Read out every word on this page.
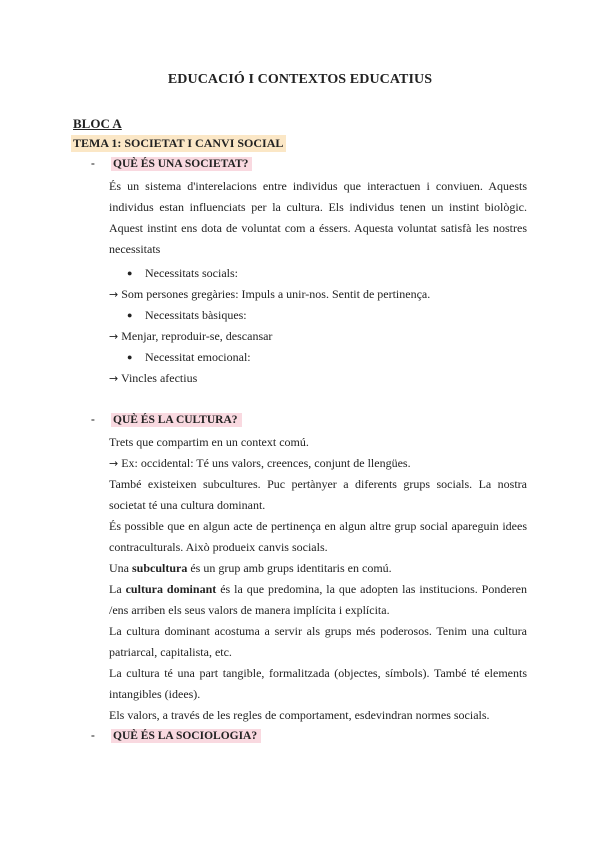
EDUCACIÓ I CONTEXTOS EDUCATIUS
BLOC A
TEMA 1: SOCIETAT I CANVI SOCIAL
- QUÈ ÉS UNA SOCIETAT?
És un sistema d'interelacions entre individus que interactuen i conviuen. Aquests individus estan influenciats per la cultura. Els individus tenen un instint biològic. Aquest instint ens dota de voluntat com a éssers. Aquesta voluntat satisfà les nostres necessitats
● Necessitats socials:
→ Som persones gregàries: Impuls a unir-nos. Sentit de pertinença.
● Necessitats bàsiques:
→ Menjar, reproduir-se, descansar
● Necessitat emocional:
→ Vincles afectius
- QUÈ ÉS LA CULTURA?
Trets que compartim en un context comú.
→ Ex: occidental: Té uns valors, creences, conjunt de llengües.
També existeixen subcultures. Puc pertànyer a diferents grups socials. La nostra societat té una cultura dominant.
És possible que en algun acte de pertinença en algun altre grup social apareguin idees contraculturals. Això produeix canvis socials.
Una subcultura és un grup amb grups identitaris en comú.
La cultura dominant és la que predomina, la que adopten las institucions. Ponderen /ens arriben els seus valors de manera implícita i explícita.
La cultura dominant acostuma a servir als grups més poderosos. Tenim una cultura patriarcal, capitalista, etc.
La cultura té una part tangible, formalitzada (objectes, símbols). També té elements intangibles (idees).
Els valors, a través de les regles de comportament, esdevindran normes socials.
- QUÈ ÉS LA SOCIOLOGIA?
